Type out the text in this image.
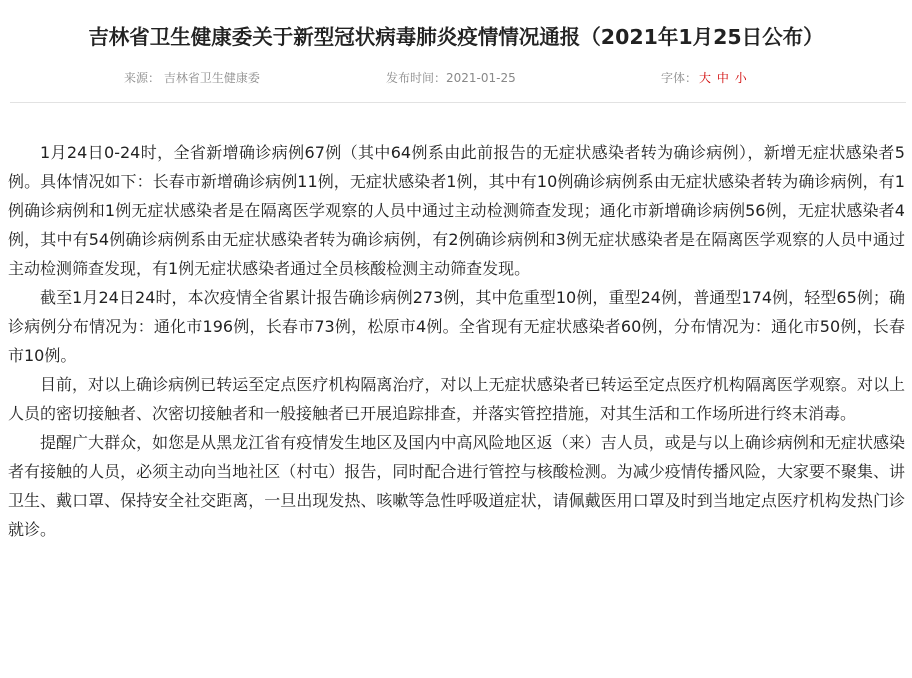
吉林省卫生健康委关于新型冠状病毒肺炎疫情情况通报（2021年1月25日公布）
来源： 吉林省卫生健康委	发布时间：2021-01-25	字体： 大 中 小

1月24日0-24时，全省新增确诊病例67例（其中64例系由此前报告的无症状感染者转为确诊病例），新增无症状感染者5例。具体情况如下：长春市新增确诊病例11例，无症状感染者1例，其中有10例确诊病例系由无症状感染者转为确诊病例，有1例确诊病例和1例无症状感染者是在隔离医学观察的人员中通过主动检测筛查发现；通化市新增确诊病例56例，无症状感染者4例，其中有54例确诊病例系由无症状感染者转为确诊病例，有2例确诊病例和3例无症状感染者是在隔离医学观察的人员中通过主动检测筛查发现，有1例无症状感染者通过全员核酸检测主动筛查发现。

截至1月24日24时，本次疫情全省累计报告确诊病例273例，其中危重型10例，重型24例，普通型174例，轻型65例；确诊病例分布情况为：通化市196例，长春市73例，松原市4例。全省现有无症状感染者60例，分布情况为：通化市50例，长春市10例。

目前，对以上确诊病例已转运至定点医疗机构隔离治疗，对以上无症状感染者已转运至定点医疗机构隔离医学观察。对以上人员的密切接触者、次密切接触者和一般接触者已开展追踪排查，并落实管控措施，对其生活和工作场所进行终末消毒。

提醒广大群众，如您是从黑龙江省有疫情发生地区及国内中高风险地区返（来）吉人员，或是与以上确诊病例和无症状感染者有接触的人员，必须主动向当地社区（村屯）报告，同时配合进行管控与核酸检测。为减少疫情传播风险，大家要不聚集、讲卫生、戴口罩、保持安全社交距离，一旦出现发热、咳嗽等急性呼吸道症状，请佩戴医用口罩及时到当地定点医疗机构发热门诊就诊。
